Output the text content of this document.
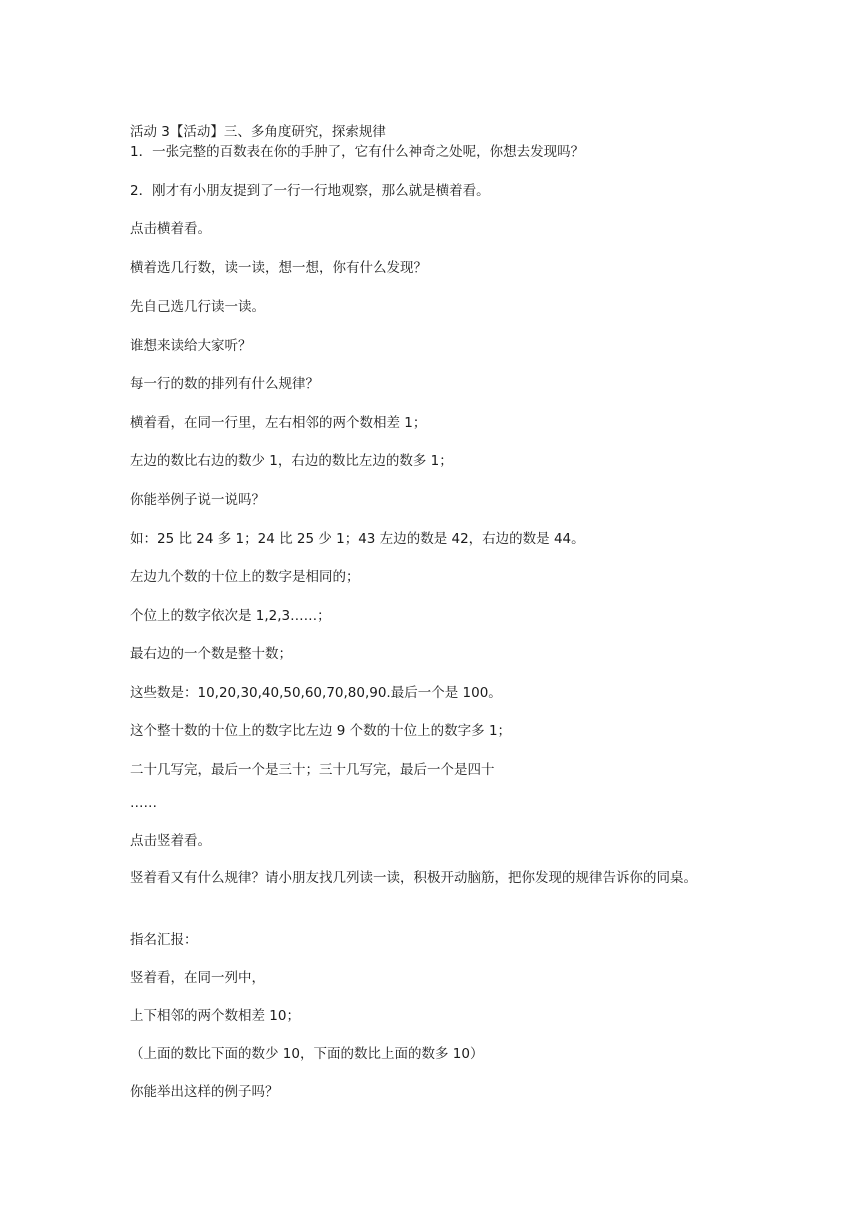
活动 3【活动】三、多角度研究，探索规律
1．一张完整的百数表在你的手肿了，它有什么神奇之处呢，你想去发现吗？
2．刚才有小朋友提到了一行一行地观察，那么就是横着看。
点击横着看。
横着选几行数，读一读，想一想，你有什么发现？
先自己选几行读一读。
谁想来读给大家听？
每一行的数的排列有什么规律？
横着看，在同一行里，左右相邻的两个数相差 1；
左边的数比右边的数少 1，右边的数比左边的数多 1；
你能举例子说一说吗？
如：25 比 24 多 1；24 比 25 少 1；43 左边的数是 42，右边的数是 44。
左边九个数的十位上的数字是相同的；
个位上的数字依次是 1,2,3……；
最右边的一个数是整十数；
这些数是：10,20,30,40,50,60,70,80,90.最后一个是 100。
这个整十数的十位上的数字比左边 9 个数的十位上的数字多 1；
二十几写完，最后一个是三十；三十几写完，最后一个是四十
……
点击竖着看。
竖着看又有什么规律？请小朋友找几列读一读，积极开动脑筋，把你发现的规律告诉你的同桌。
指名汇报：
竖着看，在同一列中，
上下相邻的两个数相差 10；
（上面的数比下面的数少 10，下面的数比上面的数多 10）
你能举出这样的例子吗？
